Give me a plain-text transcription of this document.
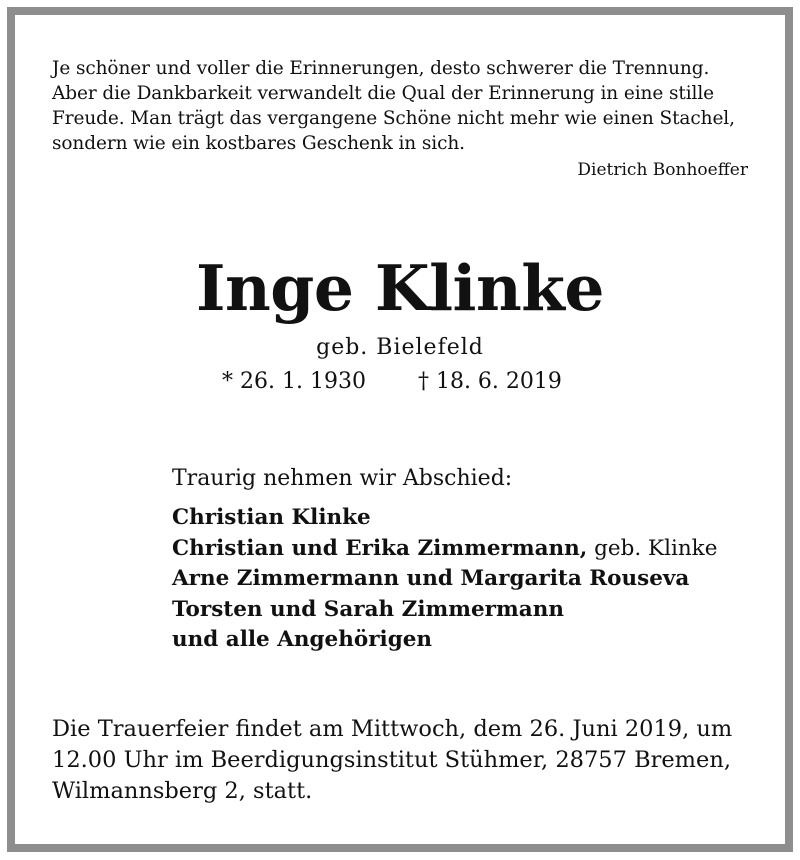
Je schöner und voller die Erinnerungen, desto schwerer die Trennung.
Aber die Dankbarkeit verwandelt die Qual der Erinnerung in eine stille
Freude. Man trägt das vergangene Schöne nicht mehr wie einen Stachel,
sondern wie ein kostbares Geschenk in sich.
Dietrich Bonhoeffer
Inge Klinke
geb. Bielefeld
* 26. 1. 1930 † 18. 6. 2019
Traurig nehmen wir Abschied:
Christian Klinke
Christian und Erika Zimmermann, geb. Klinke
Arne Zimmermann und Margarita Rouseva
Torsten und Sarah Zimmermann
und alle Angehörigen
Die Trauerfeier findet am Mittwoch, dem 26. Juni 2019, um
12.00 Uhr im Beerdigungsinstitut Stühmer, 28757 Bremen,
Wilmannsberg 2, statt.
